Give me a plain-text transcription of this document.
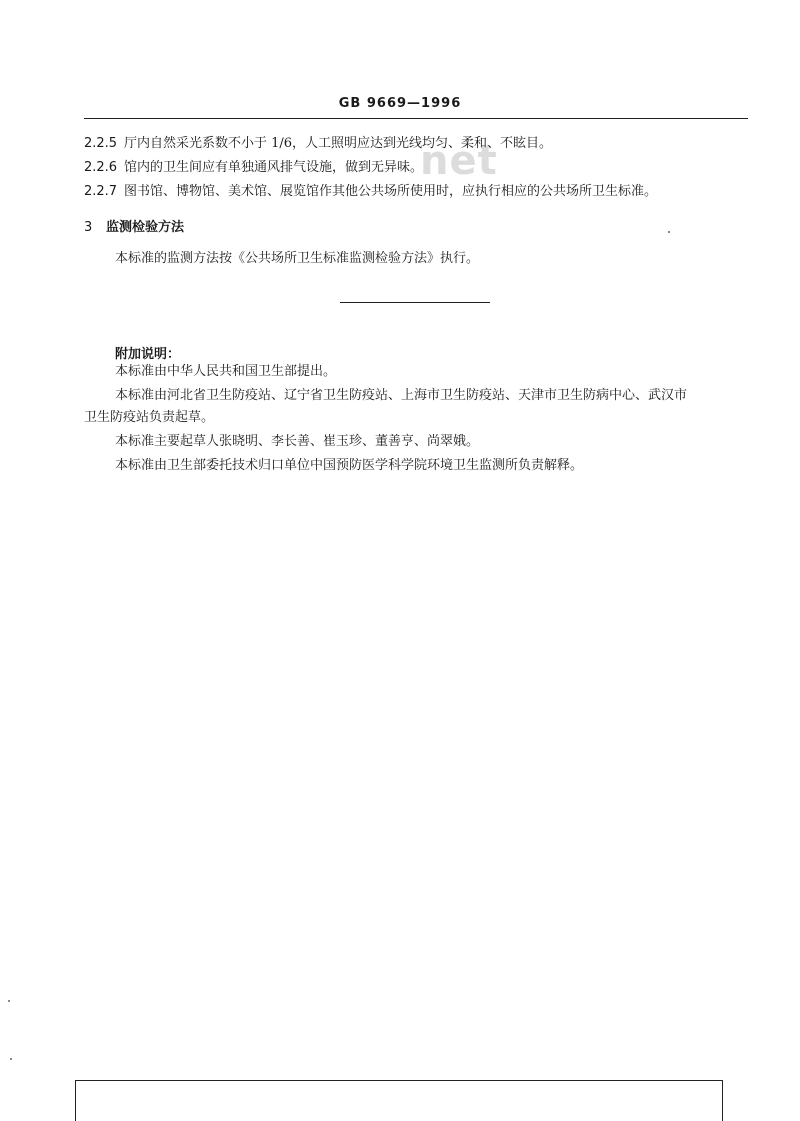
GB 9669—1996
net
2.2.5 厅内自然采光系数不小于 1/6，人工照明应达到光线均匀、柔和、不眩目。
2.2.6 馆内的卫生间应有单独通风排气设施，做到无异味。
2.2.7 图书馆、博物馆、美术馆、展览馆作其他公共场所使用时，应执行相应的公共场所卫生标准。
3 监测检验方法
本标准的监测方法按《公共场所卫生标准监测检验方法》执行。
附加说明：
本标准由中华人民共和国卫生部提出。
本标准由河北省卫生防疫站、辽宁省卫生防疫站、上海市卫生防疫站、天津市卫生防病中心、武汉市
卫生防疫站负责起草。
本标准主要起草人张晓明、李长善、崔玉珍、董善亨、尚翠娥。
本标准由卫生部委托技术归口单位中国预防医学科学院环境卫生监测所负责解释。
